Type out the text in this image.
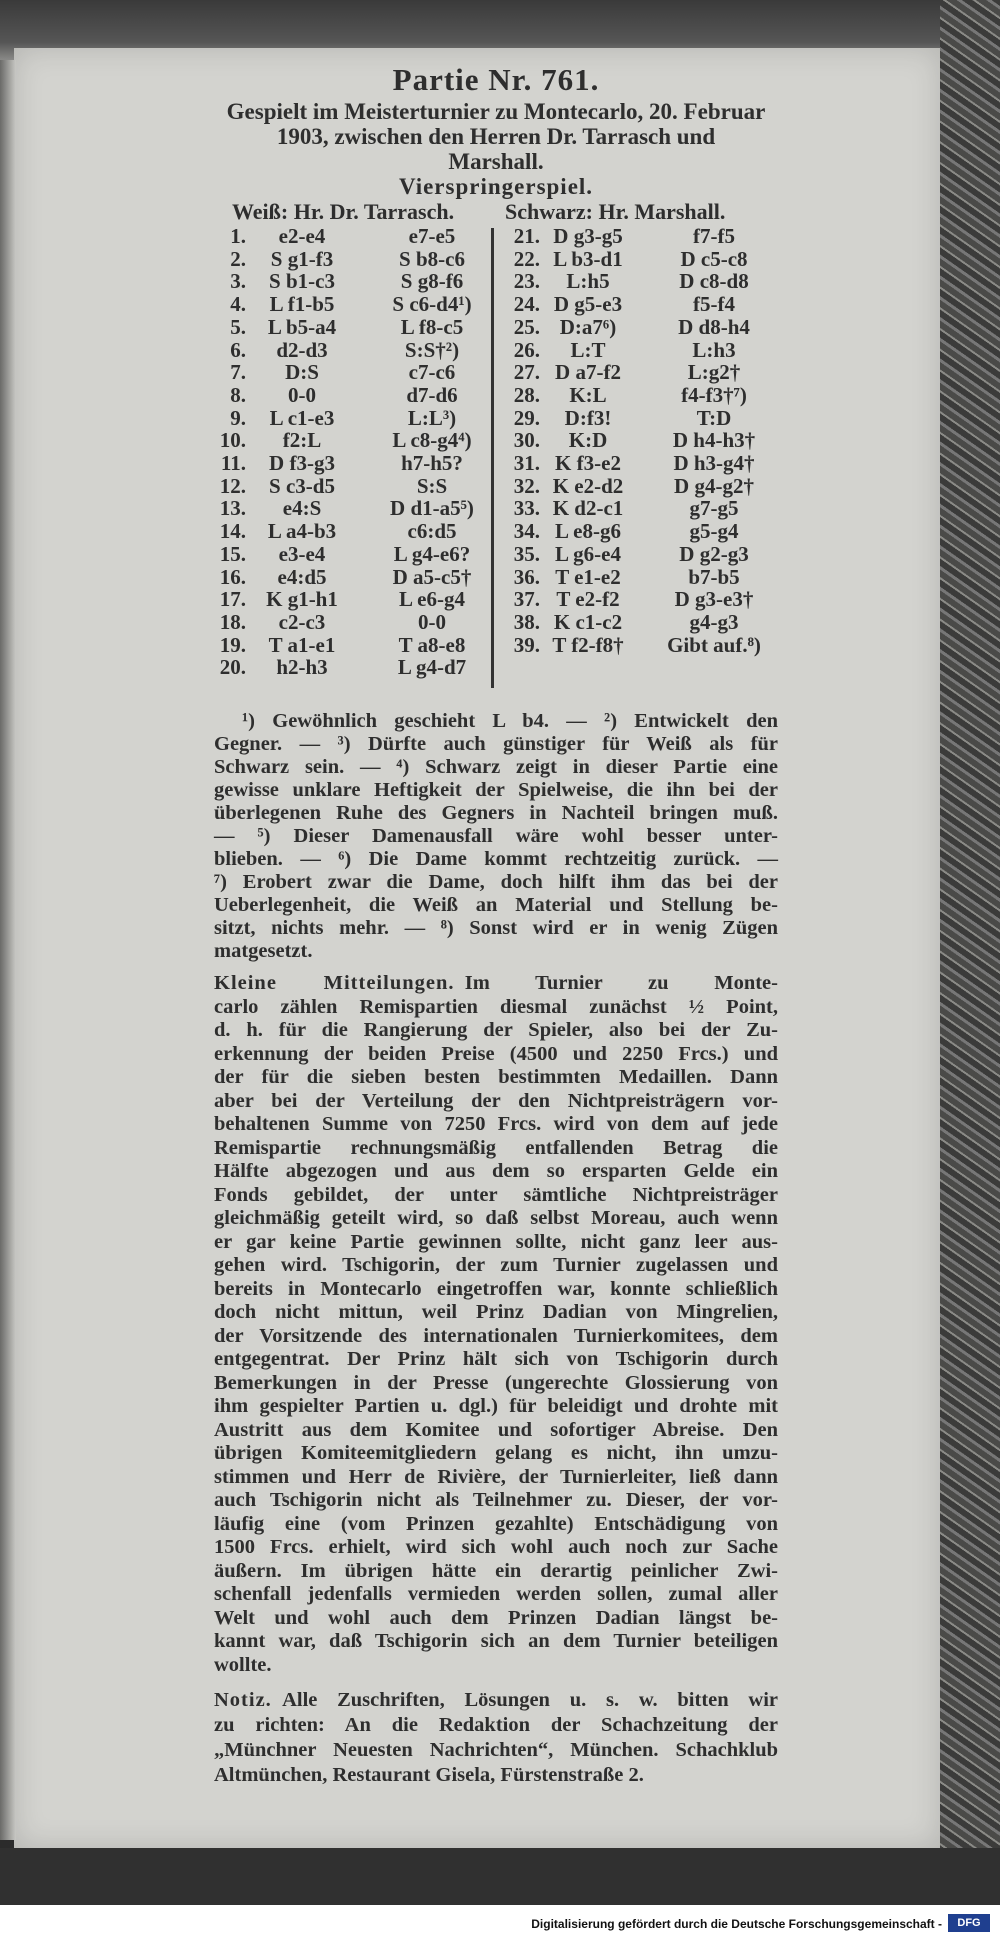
Partie Nr. 761.
Gespielt im Meisterturnier zu Montecarlo, 20. Februar
1903, zwischen den Herren Dr. Tarrasch und
Marshall.
Vierspringerspiel.
Weiß: Hr. Dr. Tarrasch. Schwarz: Hr. Marshall.
1.	e2-e4	e7-e5
2.	S g1-f3	S b8-c6
3.	S b1-c3	S g8-f6
4.	L f1-b5	S c6-d4¹)
5.	L b5-a4	L f8-c5
6.	d2-d3	S:S†²)
7.	D:S	c7-c6
8.	0-0	d7-d6
9.	L c1-e3	L:L³)
10.	f2:L	L c8-g4⁴)
11.	D f3-g3	h7-h5?
12.	S c3-d5	S:S
13.	e4:S	D d1-a5⁵)
14.	L a4-b3	c6:d5
15.	e3-e4	L g4-e6?
16.	e4:d5	D a5-c5†
17. K g1-h1	L e6-g4
18.	c2-c3	0-0
19.	T a1-e1	T a8-e8
20.	h2-h3	L g4-d7
21. D g3-g5	f7-f5
22. L b3-d1	D c5-c8
23.	L:h5	D c8-d8
24. D g5-e3	f5-f4
25. D:a7⁶)	D d8-h4
26.	L:T	L:h3
27. D a7-f2	L:g2†
28.	K:L	f4-f3†⁷)
29.	D:f3!	T:D
30.	K:D	D h4-h3†
31. K f3-e2	D h3-g4†
32. K e2-d2	D g4-g2†
33. K d2-c1	g7-g5
34. L e8-g6	g5-g4
35. L g6-e4	D g2-g3
36. T e1-e2	b7-b5
37. T e2-f2	D g3-e3†
38. K c1-c2	g4-g3
39. T f2-f8†	Gibt auf.⁸)
¹) Gewöhnlich geschieht L b4. — ²) Entwickelt den
Gegner. — ³) Dürfte auch günstiger für Weiß als für
Schwarz sein. — ⁴) Schwarz zeigt in dieser Partie eine
gewisse unklare Heftigkeit der Spielweise, die ihn bei der
überlegenen Ruhe des Gegners in Nachteil bringen muß.
— ⁵) Dieser Damenausfall wäre wohl besser unter-
blieben. — ⁶) Die Dame kommt rechtzeitig zurück. —
⁷) Erobert zwar die Dame, doch hilft ihm das bei der
Ueberlegenheit, die Weiß an Material und Stellung be-
sitzt, nichts mehr. — ⁸) Sonst wird er in wenig Zügen
matgesetzt.
Kleine Mitteilungen.  Im Turnier zu Monte-
carlo zählen Remispartien diesmal zunächst ½ Point,
d. h. für die Rangierung der Spieler, also bei der Zu-
erkennung der beiden Preise (4500 und 2250 Frcs.) und
der für die sieben besten bestimmten Medaillen. Dann
aber bei der Verteilung der den Nichtpreisträgern vor-
behaltenen Summe von 7250 Frcs. wird von dem auf jede
Remispartie rechnungsmäßig entfallenden Betrag die
Hälfte abgezogen und aus dem so ersparten Gelde ein
Fonds gebildet, der unter sämtliche Nichtpreisträger
gleichmäßig geteilt wird, so daß selbst Moreau, auch wenn
er gar keine Partie gewinnen sollte, nicht ganz leer aus-
gehen wird. Tschigorin, der zum Turnier zugelassen und
bereits in Montecarlo eingetroffen war, konnte schließlich
doch nicht mittun, weil Prinz Dadian von Mingrelien,
der Vorsitzende des internationalen Turnierkomitees, dem
entgegentrat. Der Prinz hält sich von Tschigorin durch
Bemerkungen in der Presse (ungerechte Glossierung von
ihm gespielter Partien u. dgl.) für beleidigt und drohte mit
Austritt aus dem Komitee und sofortiger Abreise. Den
übrigen Komiteemitgliedern gelang es nicht, ihn umzu-
stimmen und Herr de Rivière, der Turnierleiter, ließ dann
auch Tschigorin nicht als Teilnehmer zu. Dieser, der vor-
läufig eine (vom Prinzen gezahlte) Entschädigung von
1500 Frcs. erhielt, wird sich wohl auch noch zur Sache
äußern. Im übrigen hätte ein derartig peinlicher Zwi-
schenfall jedenfalls vermieden werden sollen, zumal aller
Welt und wohl auch dem Prinzen Dadian längst be-
kannt war, daß Tschigorin sich an dem Turnier beteiligen
wollte.
Notiz.  Alle Zuschriften, Lösungen u. s. w. bitten wir
zu richten: An die Redaktion der Schachzeitung der
„Münchner Neuesten Nachrichten“, München. Schachklub
Altmünchen, Restaurant Gisela, Fürstenstraße 2.
Digitalisierung gefördert durch die Deutsche Forschungsgemeinschaft -	DFG
